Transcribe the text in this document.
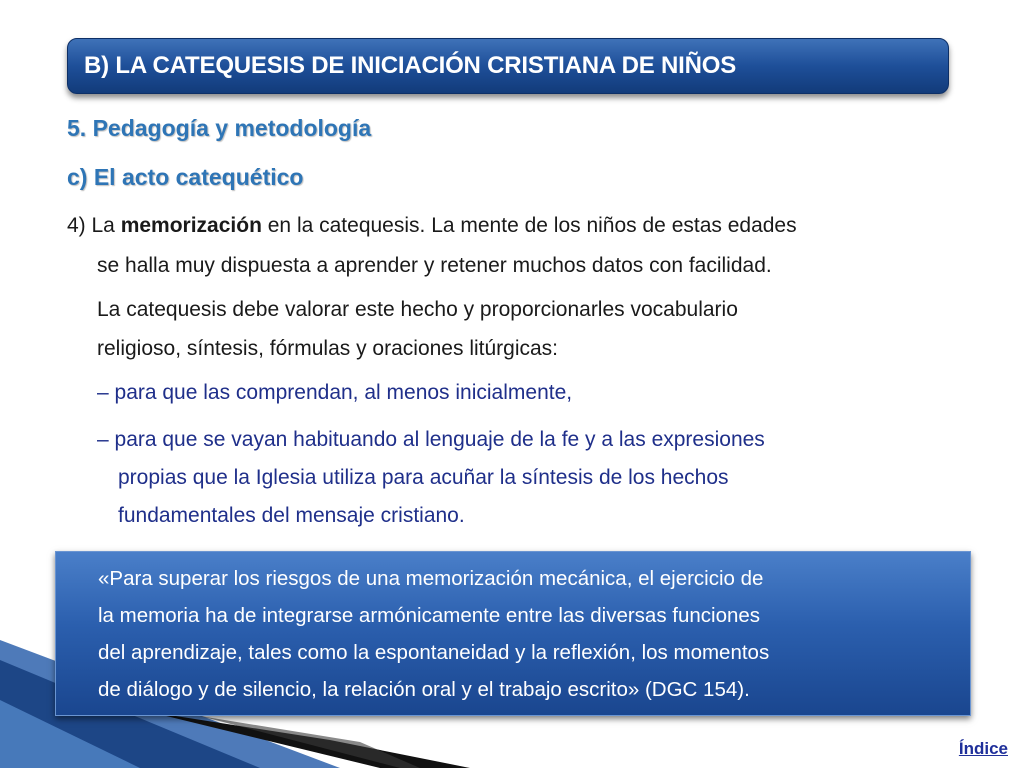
B) LA CATEQUESIS DE INICIACIÓN CRISTIANA DE NIÑOS
5. Pedagogía y metodología
c) El acto catequético
4) La memorización en la catequesis. La mente de los niños de estas edades
se halla muy dispuesta a aprender y retener muchos datos con facilidad.
La catequesis debe valorar este hecho y proporcionarles vocabulario
religioso, síntesis, fórmulas y oraciones litúrgicas:
– para que las comprendan, al menos inicialmente,
– para que se vayan habituando al lenguaje de la fe y a las expresiones
propias que la Iglesia utiliza para acuñar la síntesis de los hechos
fundamentales del mensaje cristiano.
«Para superar los riesgos de una memorización mecánica, el ejercicio de
la memoria ha de integrarse armónicamente entre las diversas funciones
del aprendizaje, tales como la espontaneidad y la reflexión, los momentos
de diálogo y de silencio, la relación oral y el trabajo escrito» (DGC 154).
Índice
